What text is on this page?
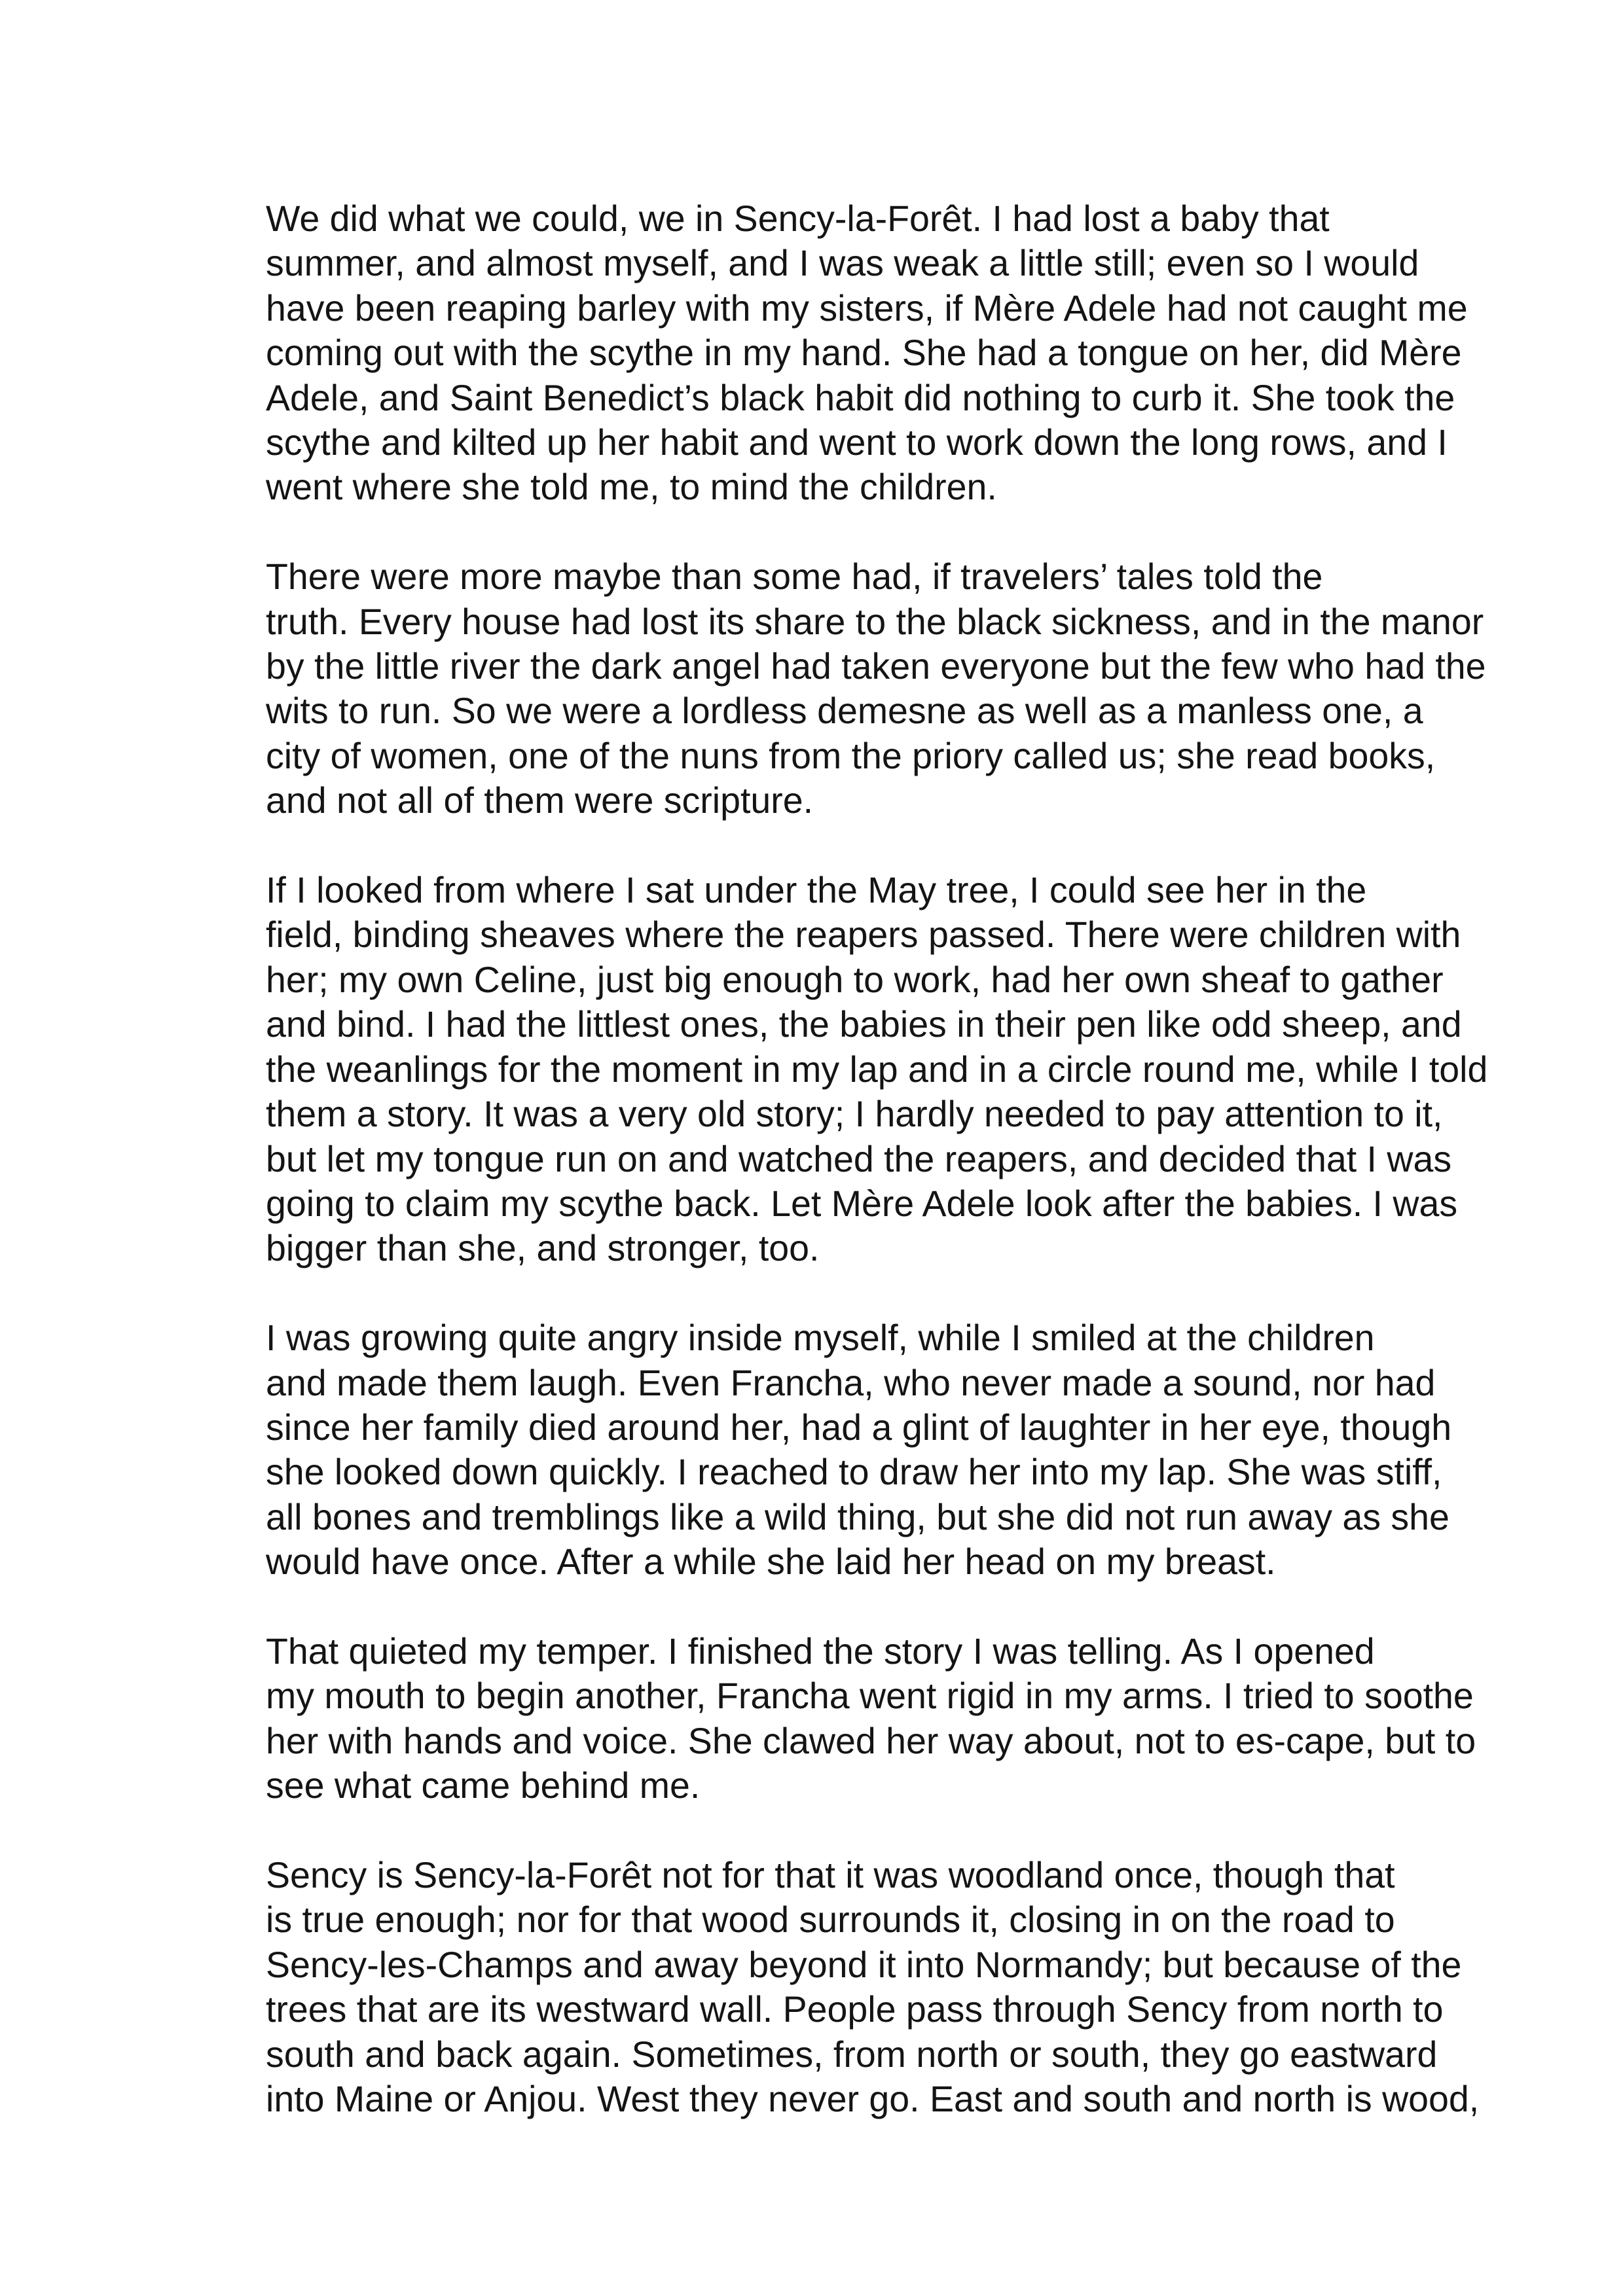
We did what we could, we in Sency-la-Forêt. I had lost a baby that
summer, and almost myself, and I was weak a little still; even so I would
have been reaping barley with my sisters, if Mère Adele had not caught me
coming out with the scythe in my hand. She had a tongue on her, did Mère
Adele, and Saint Benedict’s black habit did nothing to curb it. She took the
scythe and kilted up her habit and went to work down the long rows, and I
went where she told me, to mind the children.

There were more maybe than some had, if travelers’ tales told the
truth. Every house had lost its share to the black sickness, and in the manor
by the little river the dark angel had taken everyone but the few who had the
wits to run. So we were a lordless demesne as well as a manless one, a
city of women, one of the nuns from the priory called us; she read books,
and not all of them were scripture.

If I looked from where I sat under the May tree, I could see her in the
field, binding sheaves where the reapers passed. There were children with
her; my own Celine, just big enough to work, had her own sheaf to gather
and bind. I had the littlest ones, the babies in their pen like odd sheep, and
the weanlings for the moment in my lap and in a circle round me, while I told
them a story. It was a very old story; I hardly needed to pay attention to it,
but let my tongue run on and watched the reapers, and decided that I was
going to claim my scythe back. Let Mère Adele look after the babies. I was
bigger than she, and stronger, too.

I was growing quite angry inside myself, while I smiled at the children
and made them laugh. Even Francha, who never made a sound, nor had
since her family died around her, had a glint of laughter in her eye, though
she looked down quickly. I reached to draw her into my lap. She was stiff,
all bones and tremblings like a wild thing, but she did not run away as she
would have once. After a while she laid her head on my breast.

That quieted my temper. I finished the story I was telling. As I opened
my mouth to begin another, Francha went rigid in my arms. I tried to soothe
her with hands and voice. She clawed her way about, not to es-cape, but to
see what came behind me.

Sency is Sency-la-Forêt not for that it was woodland once, though that
is true enough; nor for that wood surrounds it, closing in on the road to
Sency-les-Champs and away beyond it into Normandy; but because of the
trees that are its westward wall. People pass through Sency from north to
south and back again. Sometimes, from north or south, they go eastward
into Maine or Anjou. West they never go. East and south and north is wood,
